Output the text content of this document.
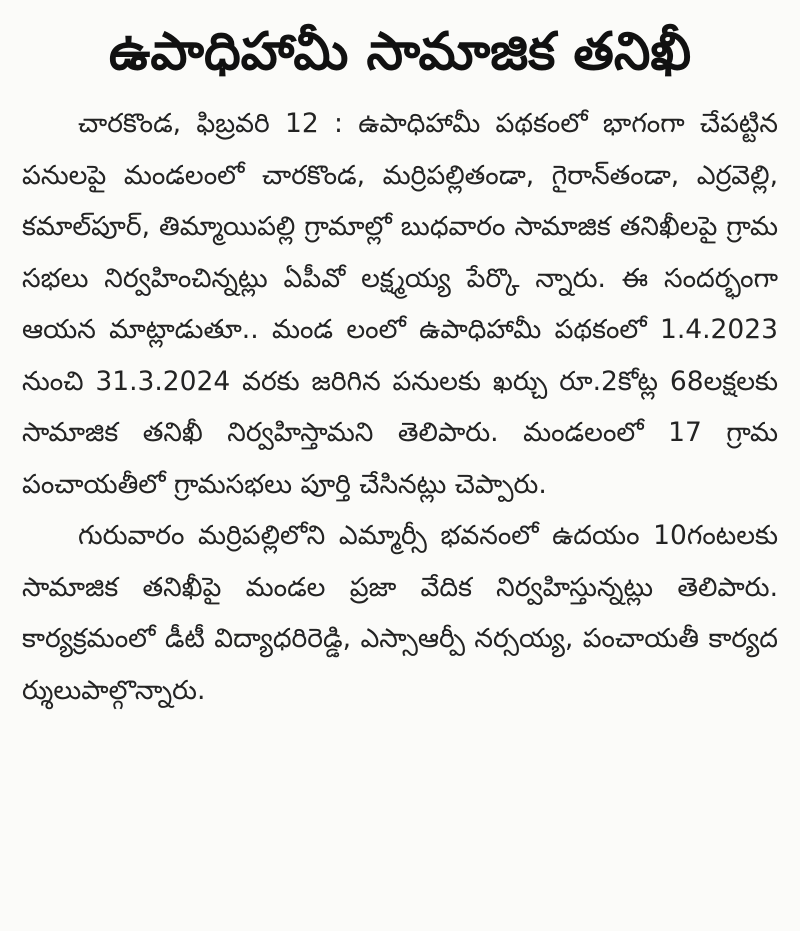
ఉపాధిహామీ సామాజిక తనిఖీ

చారకొండ, ఫిబ్రవరి 12 : ఉపాధిహామీ పథకంలో భాగంగా చేపట్టిన పనులపై మండలంలో చారకొండ, మర్రిపల్లితండా, గైరాన్‌తండా, ఎర్రవెల్లి, కమాల్‌పూర్, తిమ్మాయిపల్లి గ్రామాల్లో బుధవారం సామాజిక తనిఖీలపై గ్రామ సభలు నిర్వహించిన్నట్లు ఏపీవో లక్ష్మయ్య పేర్కొ న్నారు. ఈ సందర్భంగా ఆయన మాట్లాడుతూ.. మండ లంలో ఉపాధిహామీ పథకంలో 1.4.2023 నుంచి 31.3.2024 వరకు జరిగిన పనులకు ఖర్చు రూ.2కోట్ల 68లక్షలకు సామాజిక తనిఖీ నిర్వహిస్తామని తెలిపారు. మండలంలో 17 గ్రామ పంచాయతీలో గ్రామసభలు పూర్తి చేసినట్లు చెప్పారు.

గురువారం మర్రిపల్లిలోని ఎమ్మార్సీ భవనంలో ఉదయం 10గంటలకు సామాజిక తనిఖీపై మండల ప్రజా వేదిక నిర్వహిస్తున్నట్లు తెలిపారు. కార్యక్రమంలో డీటీ విద్యాధరిరెడ్డి, ఎస్సాఆర్పీ నర్సయ్య, పంచాయతీ కార్యద ర్శులుపాల్గొన్నారు.
